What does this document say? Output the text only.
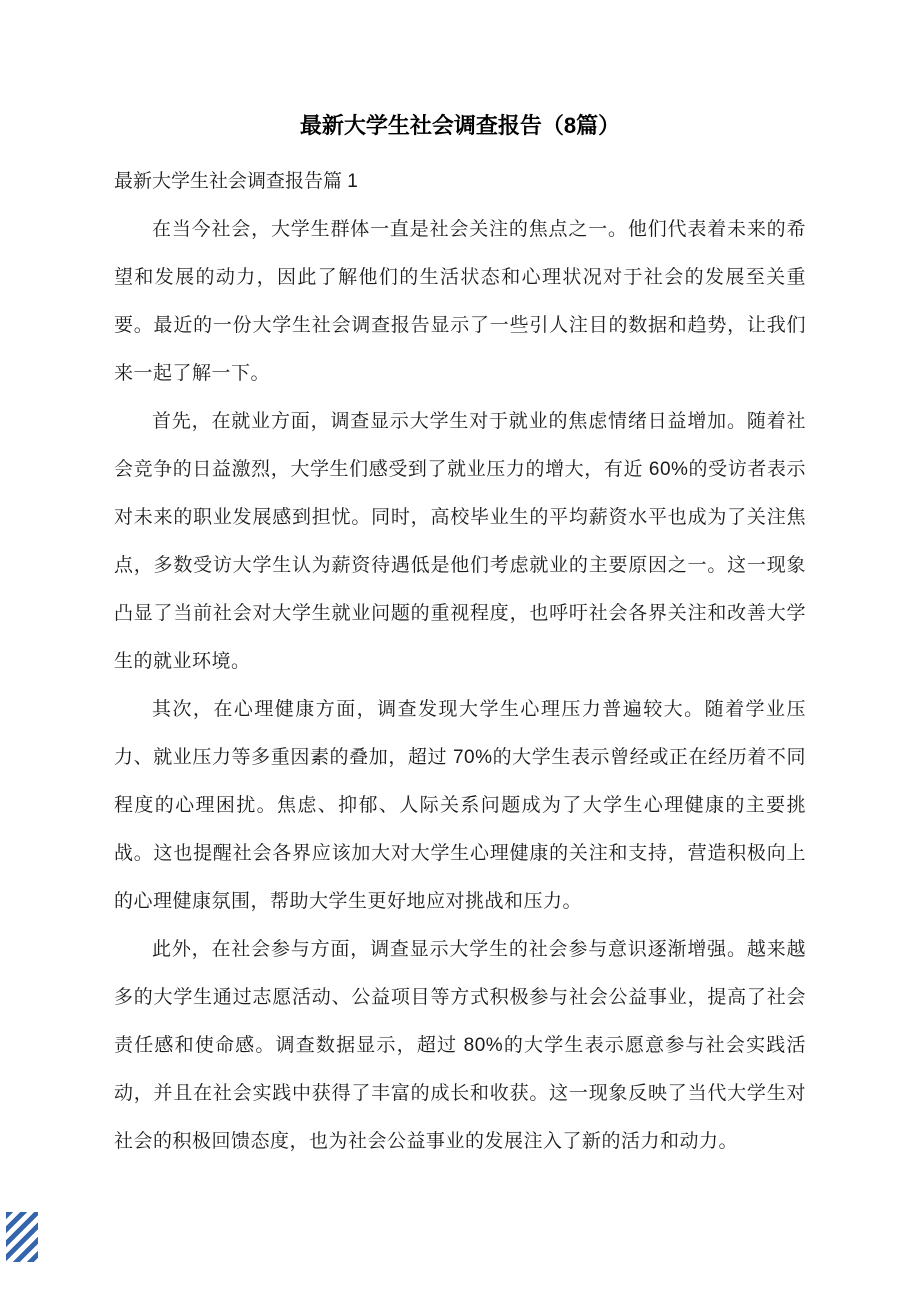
最新大学生社会调查报告（8篇）

最新大学生社会调查报告篇 1

在当今社会，大学生群体一直是社会关注的焦点之一。他们代表着未来的希望和发展的动力，因此了解他们的生活状态和心理状况对于社会的发展至关重要。最近的一份大学生社会调查报告显示了一些引人注目的数据和趋势，让我们来一起了解一下。

首先，在就业方面，调查显示大学生对于就业的焦虑情绪日益增加。随着社会竞争的日益激烈，大学生们感受到了就业压力的增大，有近 60%的受访者表示对未来的职业发展感到担忧。同时，高校毕业生的平均薪资水平也成为了关注焦点，多数受访大学生认为薪资待遇低是他们考虑就业的主要原因之一。这一现象凸显了当前社会对大学生就业问题的重视程度，也呼吁社会各界关注和改善大学生的就业环境。

其次，在心理健康方面，调查发现大学生心理压力普遍较大。随着学业压力、就业压力等多重因素的叠加，超过 70%的大学生表示曾经或正在经历着不同程度的心理困扰。焦虑、抑郁、人际关系问题成为了大学生心理健康的主要挑战。这也提醒社会各界应该加大对大学生心理健康的关注和支持，营造积极向上的心理健康氛围，帮助大学生更好地应对挑战和压力。

此外，在社会参与方面，调查显示大学生的社会参与意识逐渐增强。越来越多的大学生通过志愿活动、公益项目等方式积极参与社会公益事业，提高了社会责任感和使命感。调查数据显示，超过 80%的大学生表示愿意参与社会实践活动，并且在社会实践中获得了丰富的成长和收获。这一现象反映了当代大学生对社会的积极回馈态度，也为社会公益事业的发展注入了新的活力和动力。
